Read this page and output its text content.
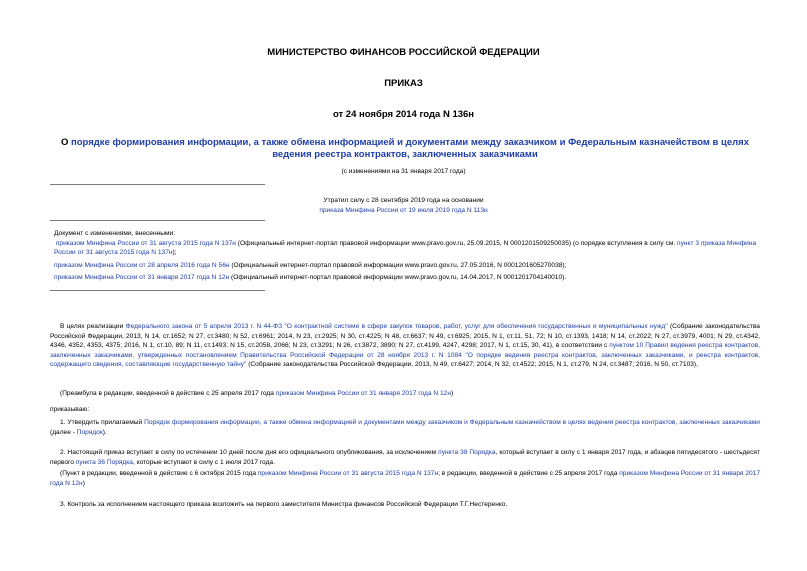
МИНИСТЕРСТВО ФИНАНСОВ РОССИЙСКОЙ ФЕДЕРАЦИИ
ПРИКАЗ
от 24 ноября 2014 года N 136н
О порядке формирования информации, а также обмена информацией и документами между заказчиком и Федеральным казначейством в целях ведения реестра контрактов, заключенных заказчиками
(с изменениями на 31 января 2017 года)
Утратил силу с 28 сентября 2019 года на основании
приказа Минфина России от 19 июля 2019 года N 113н
Документ с изменениями, внесенными:
приказом Минфина России от 31 августа 2015 года N 137н (Официальный интернет-портал правовой информации www.pravo.gov.ru, 25.09.2015, N 0001201509250035) (о порядке вступления в силу см. пункт 3 приказа Минфина России от 31 августа 2015 года N 137н);
приказом Минфина России от 28 апреля 2016 года N 56н (Официальный интернет-портал правовой информации www.pravo.gov.ru, 27.05.2016, N 0001201605270038);
приказом Минфина России от 31 января 2017 года N 12н (Официальный интернет-портал правовой информации www.pravo.gov.ru, 14.04.2017, N 0001201704140010).
В целях реализации Федерального закона от 5 апреля 2013 г. N 44-ФЗ "О контрактной системе в сфере закупок товаров, работ, услуг для обеспечения государственных и муниципальных нужд" (Собрание законодательства Российской Федерации, 2013, N 14, ст.1652; N 27, ст.3480; N 52, ст.6961; 2014, N 23, ст.2925; N 30, ст.4225; N 48, ст.6637; N 49, ст.6925; 2015, N 1, ст.11, 51, 72; N 10, ст.1393, 1418; N 14, ст.2022; N 27, ст.3979, 4001; N 29, ст.4342, 4346, 4352, 4353, 4375; 2016, N 1, ст.10, 89; N 11, ст.1493; N 15, ст.2058, 2066; N 23, ст.3291; N 26, ст.3872, 3890; N 27, ст.4199, 4247, 4298; 2017, N 1, ст.15, 30, 41), в соответствии с пунктом 10 Правил ведения реестра контрактов, заключенных заказчиками, утвержденных постановлением Правительства Российской Федерации от 28 ноября 2013 г. N 1084 "О порядке ведения реестра контрактов, заключенных заказчиками, и реестра контрактов, содержащего сведения, составляющие государственную тайну" (Собрание законодательства Российской Федерации, 2013, N 49, ст.6427; 2014, N 32, ст.4522; 2015, N 1, ст.279, N 24, ст.3487; 2016, N 50, ст.7103),
(Преамбула в редакции, введенной в действие с 25 апреля 2017 года приказом Минфина России от 31 января 2017 года N 12н)
приказываю:
1. Утвердить прилагаемый Порядок формирования информации, а также обмена информацией и документами между заказчиком и Федеральным казначейством в целях ведения реестра контрактов, заключенных заказчиками (далее - Порядок).
2. Настоящий приказ вступает в силу по истечении 10 дней после дня его официального опубликования, за исключением пункта 38 Порядка, который вступает в силу с 1 января 2017 года, и абзацев пятидесятого - шестьдесят первого пункта 36 Порядка, которые вступают в силу с 1 июля 2017 года.
(Пункт в редакции, введенной в действие с 6 октября 2015 года приказом Минфина России от 31 августа 2015 года N 137н; в редакции, введенной в действие с 25 апреля 2017 года приказом Минфина России от 31 января 2017 года N 12н)
3. Контроль за исполнением настоящего приказа возложить на первого заместителя Министра финансов Российской Федерации Т.Г.Нестеренко.
